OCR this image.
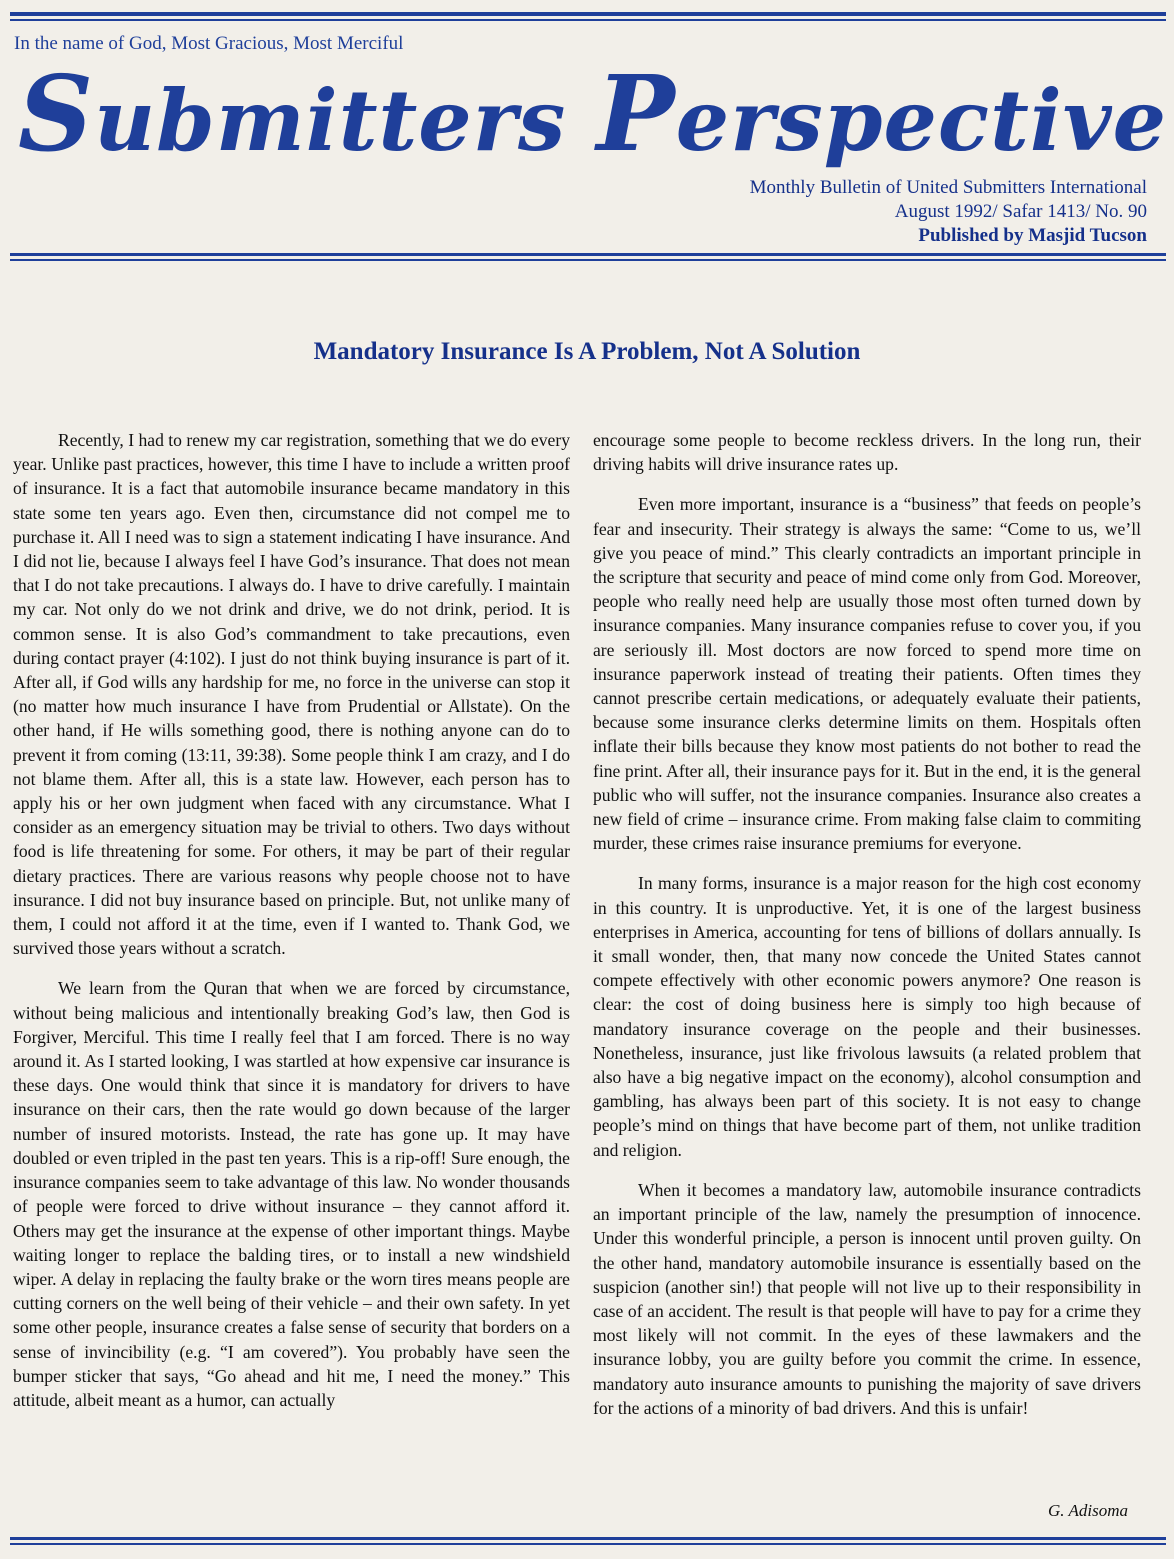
In the name of God, Most Gracious, Most Merciful
Submitters Perspective
Monthly Bulletin of United Submitters International
August 1992/ Safar 1413/ No. 90
Published by Masjid Tucson
Mandatory Insurance Is A Problem, Not A Solution

Recently, I had to renew my car registration, something that we do every year. Unlike past practices, however, this time I have to include a written proof of insurance. It is a fact that automobile insurance became mandatory in this state some ten years ago. Even then, circumstance did not compel me to purchase it. All I need was to sign a statement indicating I have insurance. And I did not lie, because I always feel I have God’s insurance. That does not mean that I do not take precautions. I always do. I have to drive carefully. I maintain my car. Not only do we not drink and drive, we do not drink, period. It is common sense. It is also God’s commandment to take precautions, even during contact prayer (4:102). I just do not think buying insurance is part of it. After all, if God wills any hardship for me, no force in the universe can stop it (no matter how much insurance I have from Prudential or Allstate). On the other hand, if He wills something good, there is nothing anyone can do to prevent it from coming (13:11, 39:38). Some people think I am crazy, and I do not blame them. After all, this is a state law. However, each person has to apply his or her own judgment when faced with any circumstance. What I consider as an emergency situation may be trivial to others. Two days without food is life threatening for some. For others, it may be part of their regular dietary practices. There are various reasons why people choose not to have insurance. I did not buy insurance based on principle. But, not unlike many of them, I could not afford it at the time, even if I wanted to. Thank God, we survived those years without a scratch.

We learn from the Quran that when we are forced by circumstance, without being malicious and intentionally breaking God’s law, then God is Forgiver, Merciful. This time I really feel that I am forced. There is no way around it. As I started looking, I was startled at how expensive car insurance is these days. One would think that since it is mandatory for drivers to have insurance on their cars, then the rate would go down because of the larger number of insured motorists. Instead, the rate has gone up. It may have doubled or even tripled in the past ten years. This is a rip-off! Sure enough, the insurance companies seem to take advantage of this law. No wonder thousands of people were forced to drive without insurance – they cannot afford it. Others may get the insurance at the expense of other important things. Maybe waiting longer to replace the balding tires, or to install a new windshield wiper. A delay in replacing the faulty brake or the worn tires means people are cutting corners on the well being of their vehicle – and their own safety. In yet some other people, insurance creates a false sense of security that borders on a sense of invincibility (e.g. “I am covered”). You probably have seen the bumper sticker that says, “Go ahead and hit me, I need the money.” This attitude, albeit meant as a humor, can actually

encourage some people to become reckless drivers. In the long run, their driving habits will drive insurance rates up.

Even more important, insurance is a “business” that feeds on people’s fear and insecurity. Their strategy is always the same: “Come to us, we’ll give you peace of mind.” This clearly contradicts an important principle in the scripture that security and peace of mind come only from God. Moreover, people who really need help are usually those most often turned down by insurance companies. Many insurance companies refuse to cover you, if you are seriously ill. Most doctors are now forced to spend more time on insurance paperwork instead of treating their patients. Often times they cannot prescribe certain medications, or adequately evaluate their patients, because some insurance clerks determine limits on them. Hospitals often inflate their bills because they know most patients do not bother to read the fine print. After all, their insurance pays for it. But in the end, it is the general public who will suffer, not the insurance companies. Insurance also creates a new field of crime – insurance crime. From making false claim to commiting murder, these crimes raise insurance premiums for everyone.

In many forms, insurance is a major reason for the high cost economy in this country. It is unproductive. Yet, it is one of the largest business enterprises in America, accounting for tens of billions of dollars annually. Is it small wonder, then, that many now concede the United States cannot compete effectively with other economic powers anymore? One reason is clear: the cost of doing business here is simply too high because of mandatory insurance coverage on the people and their businesses. Nonetheless, insurance, just like frivolous lawsuits (a related problem that also have a big negative impact on the economy), alcohol consumption and gambling, has always been part of this society. It is not easy to change people’s mind on things that have become part of them, not unlike tradition and religion.

When it becomes a mandatory law, automobile insurance contradicts an important principle of the law, namely the presumption of innocence. Under this wonderful principle, a person is innocent until proven guilty. On the other hand, mandatory automobile insurance is essentially based on the suspicion (another sin!) that people will not live up to their responsibility in case of an accident. The result is that people will have to pay for a crime they most likely will not commit. In the eyes of these lawmakers and the insurance lobby, you are guilty before you commit the crime. In essence, mandatory auto insurance amounts to punishing the majority of save drivers for the actions of a minority of bad drivers. And this is unfair!

G. Adisoma
